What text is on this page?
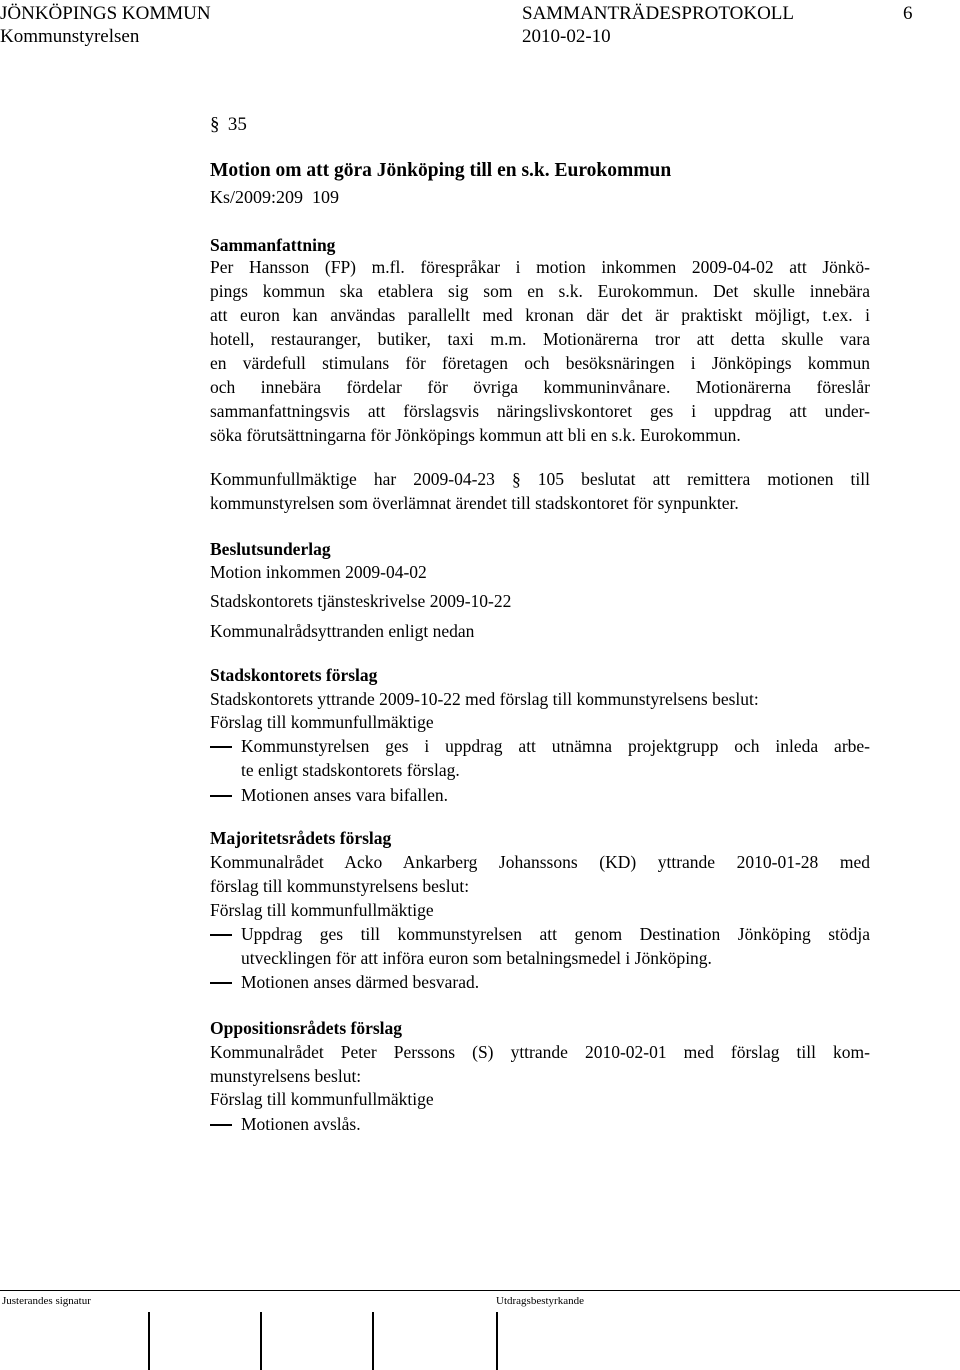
JÖNKÖPINGS KOMMUN	SAMMANTRÄDESPROTOKOLL	6
Kommunstyrelsen	2010-02-10
§ 35
Motion om att göra Jönköping till en s.k. Eurokommun
Ks/2009:209  109
Sammanfattning
Per Hansson (FP) m.fl. förespråkar i motion inkommen 2009-04-02 att Jönkö-
pings kommun ska etablera sig som en s.k. Eurokommun. Det skulle innebära
att euron kan användas parallellt med kronan där det är praktiskt möjligt, t.ex. i
hotell, restauranger, butiker, taxi m.m. Motionärerna tror att detta skulle vara
en värdefull stimulans för företagen och besöksnäringen i Jönköpings kommun
och innebära fördelar för övriga kommuninvånare. Motionärerna föreslår
sammanfattningsvis att förslagsvis näringslivskontoret ges i uppdrag att under-
söka förutsättningarna för Jönköpings kommun att bli en s.k. Eurokommun.
Kommunfullmäktige har 2009-04-23 § 105 beslutat att remittera motionen till
kommunstyrelsen som överlämnat ärendet till stadskontoret för synpunkter.
Beslutsunderlag
Motion inkommen 2009-04-02
Stadskontorets tjänsteskrivelse 2009-10-22
Kommunalrådsyttranden enligt nedan
Stadskontorets förslag
Stadskontorets yttrande 2009-10-22 med förslag till kommunstyrelsens beslut:
Förslag till kommunfullmäktige
Kommunstyrelsen ges i uppdrag att utnämna projektgrupp och inleda arbe-
te enligt stadskontorets förslag.
Motionen anses vara bifallen.
Majoritetsrådets förslag
Kommunalrådet Acko Ankarberg Johanssons (KD) yttrande 2010-01-28 med
förslag till kommunstyrelsens beslut:
Förslag till kommunfullmäktige
Uppdrag ges till kommunstyrelsen att genom Destination Jönköping stödja
utvecklingen för att införa euron som betalningsmedel i Jönköping.
Motionen anses därmed besvarad.
Oppositionsrådets förslag
Kommunalrådet Peter Perssons (S) yttrande 2010-02-01 med förslag till kom-
munstyrelsens beslut:
Förslag till kommunfullmäktige
Motionen avslås.
Justerandes signatur	Utdragsbestyrkande
